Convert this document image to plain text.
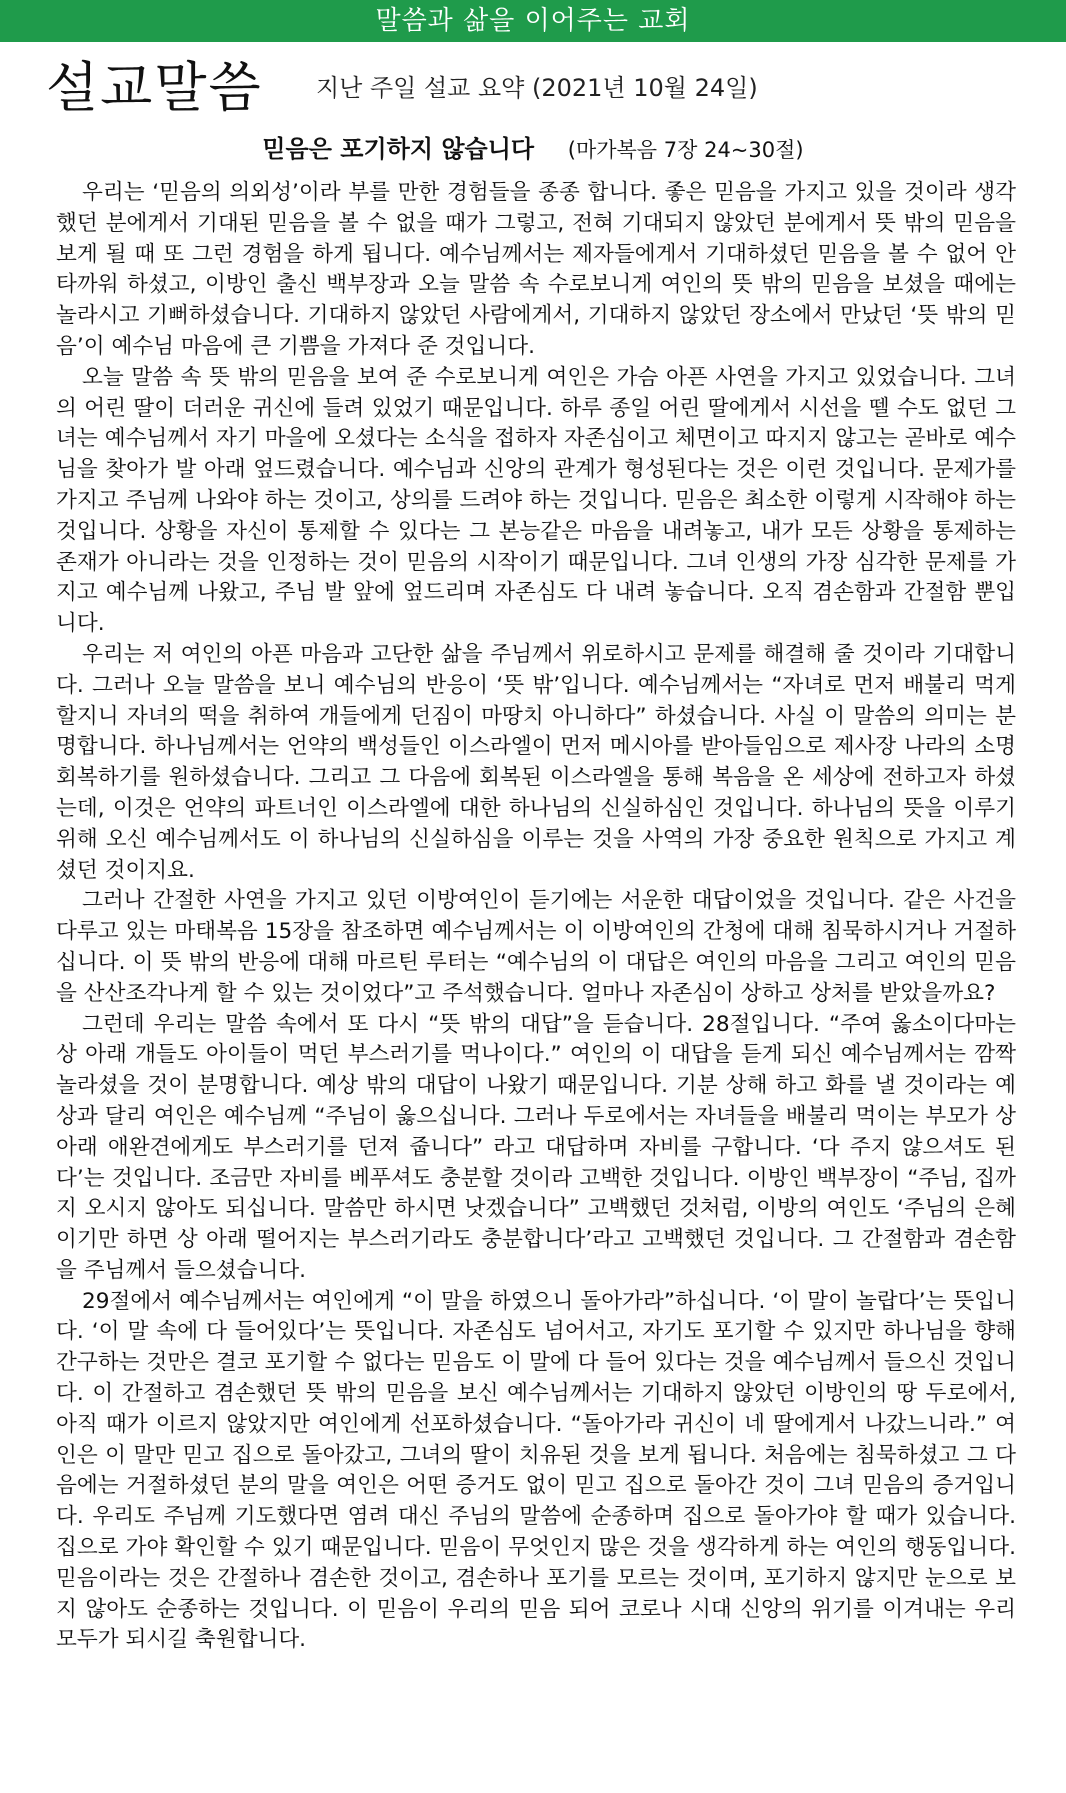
말씀과 삶을 이어주는 교회
설교말씀 지난 주일 설교 요약 (2021년 10월 24일)
믿음은 포기하지 않습니다 (마가복음 7장 24~30절)

우리는 ‘믿음의 의외성’이라 부를 만한 경험들을 종종 합니다. 좋은 믿음을 가지고 있을 것이라 생각했던 분에게서 기대된 믿음을 볼 수 없을 때가 그렇고, 전혀 기대되지 않았던 분에게서 뜻 밖의 믿음을 보게 될 때 또 그런 경험을 하게 됩니다. 예수님께서는 제자들에게서 기대하셨던 믿음을 볼 수 없어 안타까워 하셨고, 이방인 출신 백부장과 오늘 말씀 속 수로보니게 여인의 뜻 밖의 믿음을 보셨을 때에는 놀라시고 기뻐하셨습니다. 기대하지 않았던 사람에게서, 기대하지 않았던 장소에서 만났던 ‘뜻 밖의 믿음’이 예수님 마음에 큰 기쁨을 가져다 준 것입니다.

오늘 말씀 속 뜻 밖의 믿음을 보여 준 수로보니게 여인은 가슴 아픈 사연을 가지고 있었습니다. 그녀의 어린 딸이 더러운 귀신에 들려 있었기 때문입니다. 하루 종일 어린 딸에게서 시선을 뗄 수도 없던 그녀는 예수님께서 자기 마을에 오셨다는 소식을 접하자 자존심이고 체면이고 따지지 않고는 곧바로 예수님을 찾아가 발 아래 엎드렸습니다. 예수님과 신앙의 관계가 형성된다는 것은 이런 것입니다. 문제가를 가지고 주님께 나와야 하는 것이고, 상의를 드려야 하는 것입니다. 믿음은 최소한 이렇게 시작해야 하는 것입니다. 상황을 자신이 통제할 수 있다는 그 본능같은 마음을 내려놓고, 내가 모든 상황을 통제하는 존재가 아니라는 것을 인정하는 것이 믿음의 시작이기 때문입니다. 그녀 인생의 가장 심각한 문제를 가지고 예수님께 나왔고, 주님 발 앞에 엎드리며 자존심도 다 내려 놓습니다. 오직 겸손함과 간절함 뿐입니다.

우리는 저 여인의 아픈 마음과 고단한 삶을 주님께서 위로하시고 문제를 해결해 줄 것이라 기대합니다. 그러나 오늘 말씀을 보니 예수님의 반응이 ‘뜻 밖’입니다. 예수님께서는 “자녀로 먼저 배불리 먹게 할지니 자녀의 떡을 취하여 개들에게 던짐이 마땅치 아니하다” 하셨습니다. 사실 이 말씀의 의미는 분명합니다. 하나님께서는 언약의 백성들인 이스라엘이 먼저 메시아를 받아들임으로 제사장 나라의 소명 회복하기를 원하셨습니다. 그리고 그 다음에 회복된 이스라엘을 통해 복음을 온 세상에 전하고자 하셨는데, 이것은 언약의 파트너인 이스라엘에 대한 하나님의 신실하심인 것입니다. 하나님의 뜻을 이루기 위해 오신 예수님께서도 이 하나님의 신실하심을 이루는 것을 사역의 가장 중요한 원칙으로 가지고 계셨던 것이지요.

그러나 간절한 사연을 가지고 있던 이방여인이 듣기에는 서운한 대답이었을 것입니다. 같은 사건을 다루고 있는 마태복음 15장을 참조하면 예수님께서는 이 이방여인의 간청에 대해 침묵하시거나 거절하십니다. 이 뜻 밖의 반응에 대해 마르틴 루터는 “예수님의 이 대답은 여인의 마음을 그리고 여인의 믿음을 산산조각나게 할 수 있는 것이었다”고 주석했습니다. 얼마나 자존심이 상하고 상처를 받았을까요?

그런데 우리는 말씀 속에서 또 다시 “뜻 밖의 대답”을 듣습니다. 28절입니다. “주여 옳소이다마는 상 아래 개들도 아이들이 먹던 부스러기를 먹나이다.” 여인의 이 대답을 듣게 되신 예수님께서는 깜짝 놀라셨을 것이 분명합니다. 예상 밖의 대답이 나왔기 때문입니다. 기분 상해 하고 화를 낼 것이라는 예상과 달리 여인은 예수님께 “주님이 옳으십니다. 그러나 두로에서는 자녀들을 배불리 먹이는 부모가 상 아래 애완견에게도 부스러기를 던져 줍니다” 라고 대답하며 자비를 구합니다. ‘다 주지 않으셔도 된다’는 것입니다. 조금만 자비를 베푸셔도 충분할 것이라 고백한 것입니다. 이방인 백부장이 “주님, 집까지 오시지 않아도 되십니다. 말씀만 하시면 낫겠습니다” 고백했던 것처럼, 이방의 여인도 ‘주님의 은혜이기만 하면 상 아래 떨어지는 부스러기라도 충분합니다’라고 고백했던 것입니다. 그 간절함과 겸손함을 주님께서 들으셨습니다.

29절에서 예수님께서는 여인에게 “이 말을 하였으니 돌아가라”하십니다. ‘이 말이 놀랍다’는 뜻입니다. ‘이 말 속에 다 들어있다’는 뜻입니다. 자존심도 넘어서고, 자기도 포기할 수 있지만 하나님을 향해 간구하는 것만은 결코 포기할 수 없다는 믿음도 이 말에 다 들어 있다는 것을 예수님께서 들으신 것입니다. 이 간절하고 겸손했던 뜻 밖의 믿음을 보신 예수님께서는 기대하지 않았던 이방인의 땅 두로에서, 아직 때가 이르지 않았지만 여인에게 선포하셨습니다. “돌아가라 귀신이 네 딸에게서 나갔느니라.” 여인은 이 말만 믿고 집으로 돌아갔고, 그녀의 딸이 치유된 것을 보게 됩니다. 처음에는 침묵하셨고 그 다음에는 거절하셨던 분의 말을 여인은 어떤 증거도 없이 믿고 집으로 돌아간 것이 그녀 믿음의 증거입니다. 우리도 주님께 기도했다면 염려 대신 주님의 말씀에 순종하며 집으로 돌아가야 할 때가 있습니다. 집으로 가야 확인할 수 있기 때문입니다. 믿음이 무엇인지 많은 것을 생각하게 하는 여인의 행동입니다. 믿음이라는 것은 간절하나 겸손한 것이고, 겸손하나 포기를 모르는 것이며, 포기하지 않지만 눈으로 보지 않아도 순종하는 것입니다. 이 믿음이 우리의 믿음 되어 코로나 시대 신앙의 위기를 이겨내는 우리 모두가 되시길 축원합니다.
